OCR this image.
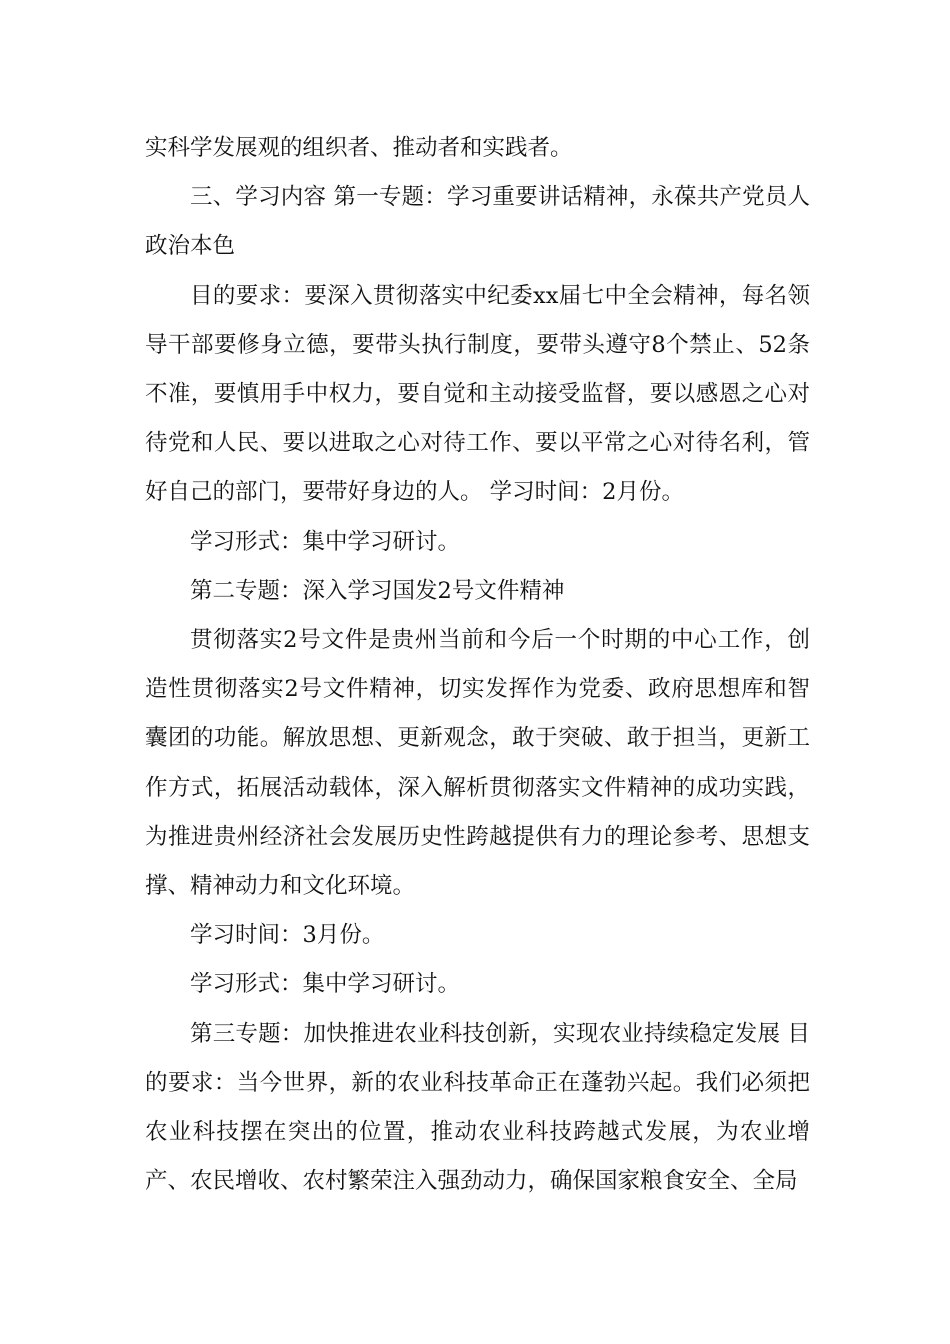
实科学发展观的组织者、推动者和实践者。

三、学习内容 第一专题：学习重要讲话精神，永葆共产党员人政治本色

目的要求：要深入贯彻落实中纪委xx届七中全会精神，每名领导干部要修身立德，要带头执行制度，要带头遵守8个禁止、52条不准，要慎用手中权力，要自觉和主动接受监督，要以感恩之心对待党和人民、要以进取之心对待工作、要以平常之心对待名利，管好自己的部门，要带好身边的人。 学习时间：2月份。

学习形式：集中学习研讨。

第二专题：深入学习国发2号文件精神

贯彻落实2号文件是贵州当前和今后一个时期的中心工作，创造性贯彻落实2号文件精神，切实发挥作为党委、政府思想库和智囊团的功能。解放思想、更新观念，敢于突破、敢于担当，更新工作方式，拓展活动载体，深入解析贯彻落实文件精神的成功实践，为推进贵州经济社会发展历史性跨越提供有力的理论参考、思想支撑、精神动力和文化环境。

学习时间：3月份。

学习形式：集中学习研讨。

第三专题：加快推进农业科技创新，实现农业持续稳定发展 目的要求：当今世界，新的农业科技革命正在蓬勃兴起。我们必须把农业科技摆在突出的位置，推动农业科技跨越式发展，为农业增产、农民增收、农村繁荣注入强劲动力，确保国家粮食安全、全局
